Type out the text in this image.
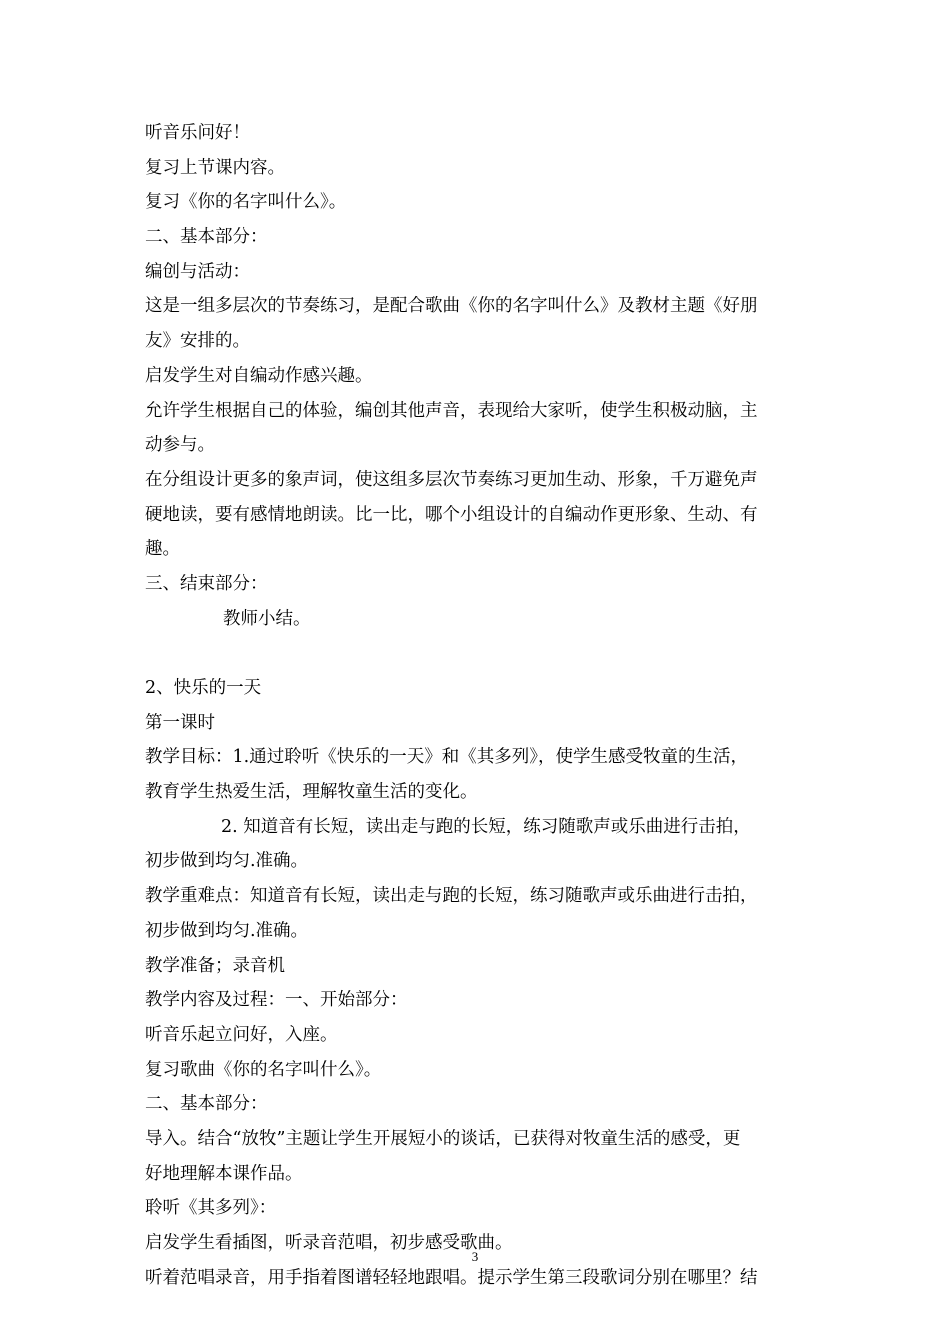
听音乐问好！
复习上节课内容。
复习《你的名字叫什么》。
二、基本部分：
编创与活动：
这是一组多层次的节奏练习，是配合歌曲《你的名字叫什么》及教材主题《好朋
友》安排的。
启发学生对自编动作感兴趣。
允许学生根据自己的体验，编创其他声音，表现给大家听，使学生积极动脑，主
动参与。
在分组设计更多的象声词，使这组多层次节奏练习更加生动、形象，千万避免声
硬地读，要有感情地朗读。比一比，哪个小组设计的自编动作更形象、生动、有
趣。
三、结束部分：
教师小结。
2、快乐的一天
第一课时
教学目标：1.通过聆听《快乐的一天》和《其多列》，使学生感受牧童的生活，
教育学生热爱生活，理解牧童生活的变化。
2. 知道音有长短，读出走与跑的长短，练习随歌声或乐曲进行击拍，
初步做到均匀.准确。
教学重难点：知道音有长短，读出走与跑的长短，练习随歌声或乐曲进行击拍，
初步做到均匀.准确。
教学准备；录音机
教学内容及过程：一、开始部分：
听音乐起立问好，入座。
复习歌曲《你的名字叫什么》。
二、基本部分：
导入。结合“放牧”主题让学生开展短小的谈话，已获得对牧童生活的感受，更
好地理解本课作品。
聆听《其多列》：
启发学生看插图，听录音范唱，初步感受歌曲。
听着范唱录音，用手指着图谱轻轻地跟唱。提示学生第三段歌词分别在哪里？结
3
